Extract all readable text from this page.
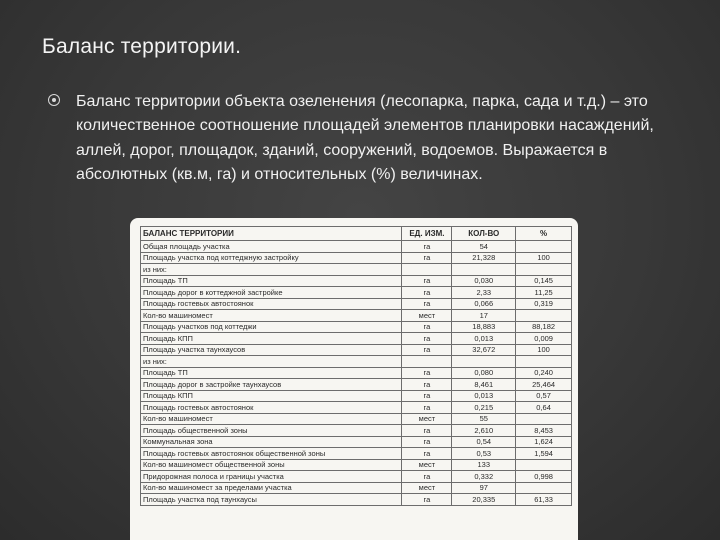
Баланс территории.
Баланс территории объекта озеленения (лесопарка, парка, сада и т.д.) – это количественное соотношение площадей элементов планировки насаждений, аллей, дорог, площадок, зданий, сооружений, водоемов. Выражается в абсолютных (кв.м, га) и относительных (%) величинах.
БАЛАНС ТЕРРИТОРИИ	ЕД. ИЗМ.	КОЛ-ВО	%
Общая площадь участка	га	54	
Площадь участка под коттеджную застройку	га	21,328	100
из них:			
Площадь ТП	га	0,030	0,145
Площадь дорог в коттеджной застройке	га	2,33	11,25
Площадь гостевых автостоянок	га	0,066	0,319
Кол-во машиномест	мест	17	
Площадь участков под коттеджи	га	18,883	88,182
Площадь КПП	га	0,013	0,009
Площадь участка таунхаусов	га	32,672	100
из них:			
Площадь ТП	га	0,080	0,240
Площадь дорог в застройке таунхаусов	га	8,461	25,464
Площадь КПП	га	0,013	0,57
Площадь гостевых автостоянок	га	0,215	0,64
Кол-во машиномест	мест	55	
Площадь общественной зоны	га	2,610	8,453
Коммунальная зона	га	0,54	1,624
Площадь гостевых автостоянок общественной зоны	га	0,53	1,594
Кол-во машиномест общественной зоны	мест	133	
Придорожная полоса и границы участка	га	0,332	0,998
Кол-во машиномест за пределами участка	мест	97	
Площадь участка под таунхаусы	га	20,335	61,33
